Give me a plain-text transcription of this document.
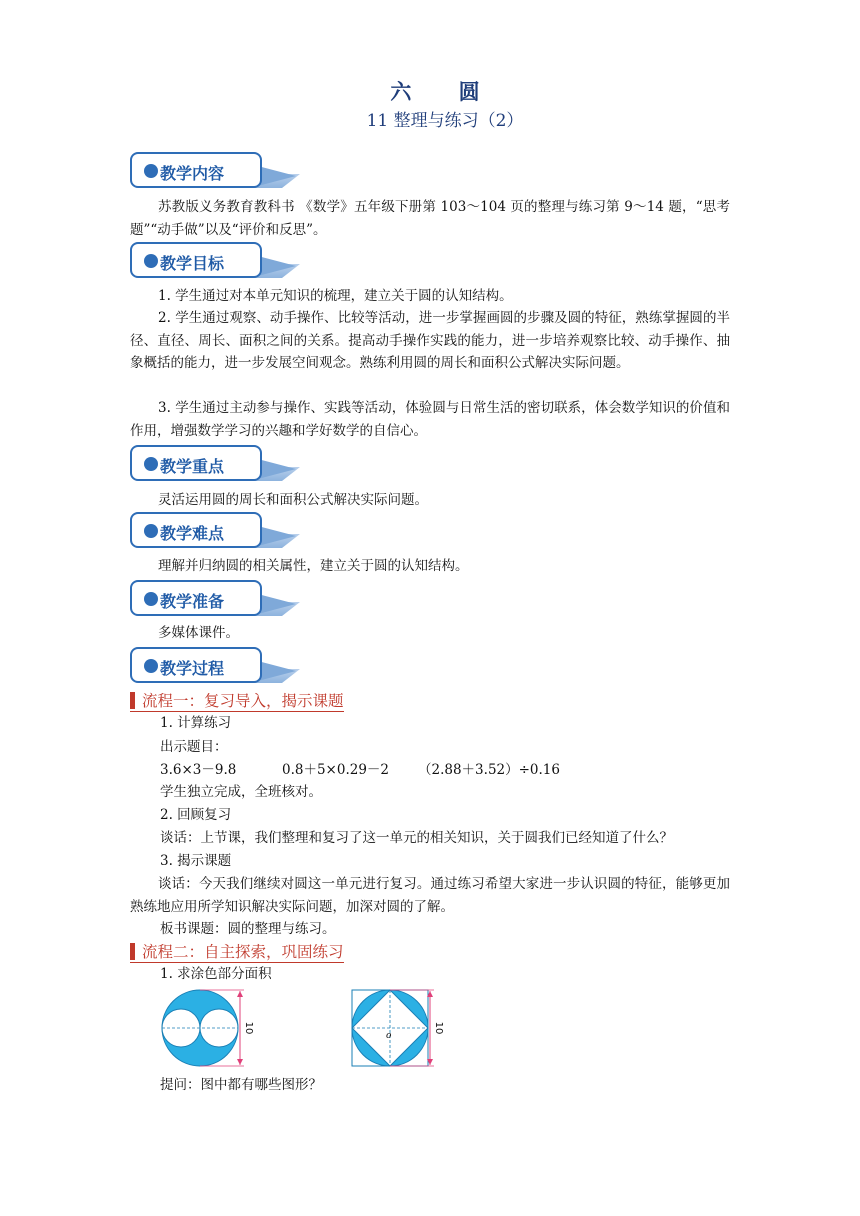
六 圆
11 整理与练习（2）
教学内容
苏教版义务教育教科书 《数学》五年级下册第 103～104 页的整理与练习第 9～14 题，“思考题”“动手做”以及“评价和反思”。
教学目标
1. 学生通过对本单元知识的梳理，建立关于圆的认知结构。
2. 学生通过观察、动手操作、比较等活动，进一步掌握画圆的步骤及圆的特征，熟练掌握圆的半径、直径、周长、面积之间的关系。提高动手操作实践的能力，进一步培养观察比较、动手操作、抽象概括的能力，进一步发展空间观念。熟练利用圆的周长和面积公式解决实际问题。
3. 学生通过主动参与操作、实践等活动，体验圆与日常生活的密切联系，体会数学知识的价值和作用，增强数学学习的兴趣和学好数学的自信心。
教学重点
灵活运用圆的周长和面积公式解决实际问题。
教学难点
理解并归纳圆的相关属性，建立关于圆的认知结构。
教学准备
多媒体课件。
教学过程
流程一：复习导入，揭示课题
1. 计算练习
出示题目：
3.6×3－9.8	0.8＋5×0.29－2 （2.88＋3.52）÷0.16
学生独立完成，全班核对。
2. 回顾复习
谈话：上节课，我们整理和复习了这一单元的相关知识，关于圆我们已经知道了什么？
3. 揭示课题
谈话：今天我们继续对圆这一单元进行复习。通过练习希望大家进一步认识圆的特征，能够更加熟练地应用所学知识解决实际问题，加深对圆的了解。
板书课题：圆的整理与练习。
流程二：自主探索，巩固练习
1. 求涂色部分面积
10
o
10
提问：图中都有哪些图形？
